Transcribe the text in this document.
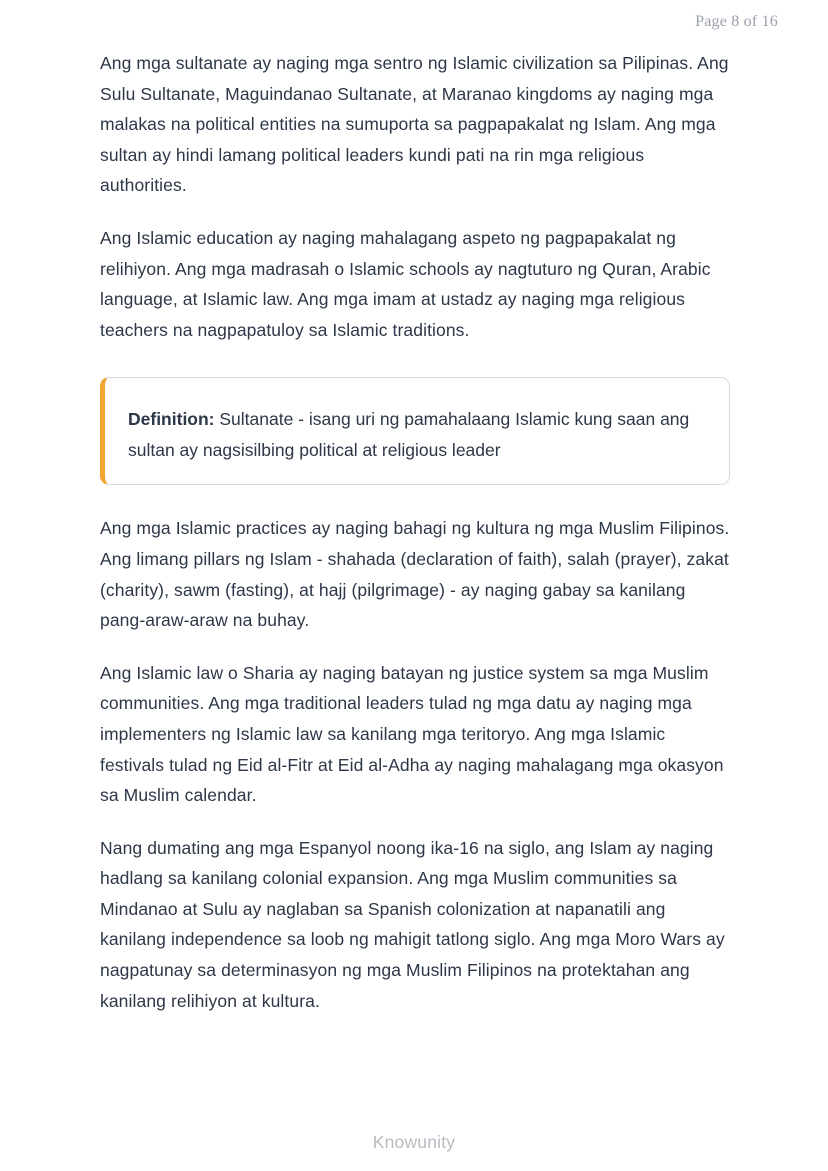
Page 8 of 16

Ang mga sultanate ay naging mga sentro ng Islamic civilization sa Pilipinas. Ang Sulu Sultanate, Maguindanao Sultanate, at Maranao kingdoms ay naging mga malakas na political entities na sumuporta sa pagpapakalat ng Islam. Ang mga sultan ay hindi lamang political leaders kundi pati na rin mga religious authorities.

Ang Islamic education ay naging mahalagang aspeto ng pagpapakalat ng relihiyon. Ang mga madrasah o Islamic schools ay nagtuturo ng Quran, Arabic language, at Islamic law. Ang mga imam at ustadz ay naging mga religious teachers na nagpapatuloy sa Islamic traditions.

Definition: Sultanate - isang uri ng pamahalaang Islamic kung saan ang sultan ay nagsisilbing political at religious leader

Ang mga Islamic practices ay naging bahagi ng kultura ng mga Muslim Filipinos. Ang limang pillars ng Islam - shahada (declaration of faith), salah (prayer), zakat (charity), sawm (fasting), at hajj (pilgrimage) - ay naging gabay sa kanilang pang-araw-araw na buhay.

Ang Islamic law o Sharia ay naging batayan ng justice system sa mga Muslim communities. Ang mga traditional leaders tulad ng mga datu ay naging mga implementers ng Islamic law sa kanilang mga teritoryo. Ang mga Islamic festivals tulad ng Eid al-Fitr at Eid al-Adha ay naging mahalagang mga okasyon sa Muslim calendar.

Nang dumating ang mga Espanyol noong ika-16 na siglo, ang Islam ay naging hadlang sa kanilang colonial expansion. Ang mga Muslim communities sa Mindanao at Sulu ay naglaban sa Spanish colonization at napanatili ang kanilang independence sa loob ng mahigit tatlong siglo. Ang mga Moro Wars ay nagpatunay sa determinasyon ng mga Muslim Filipinos na protektahan ang kanilang relihiyon at kultura.

Knowunity
